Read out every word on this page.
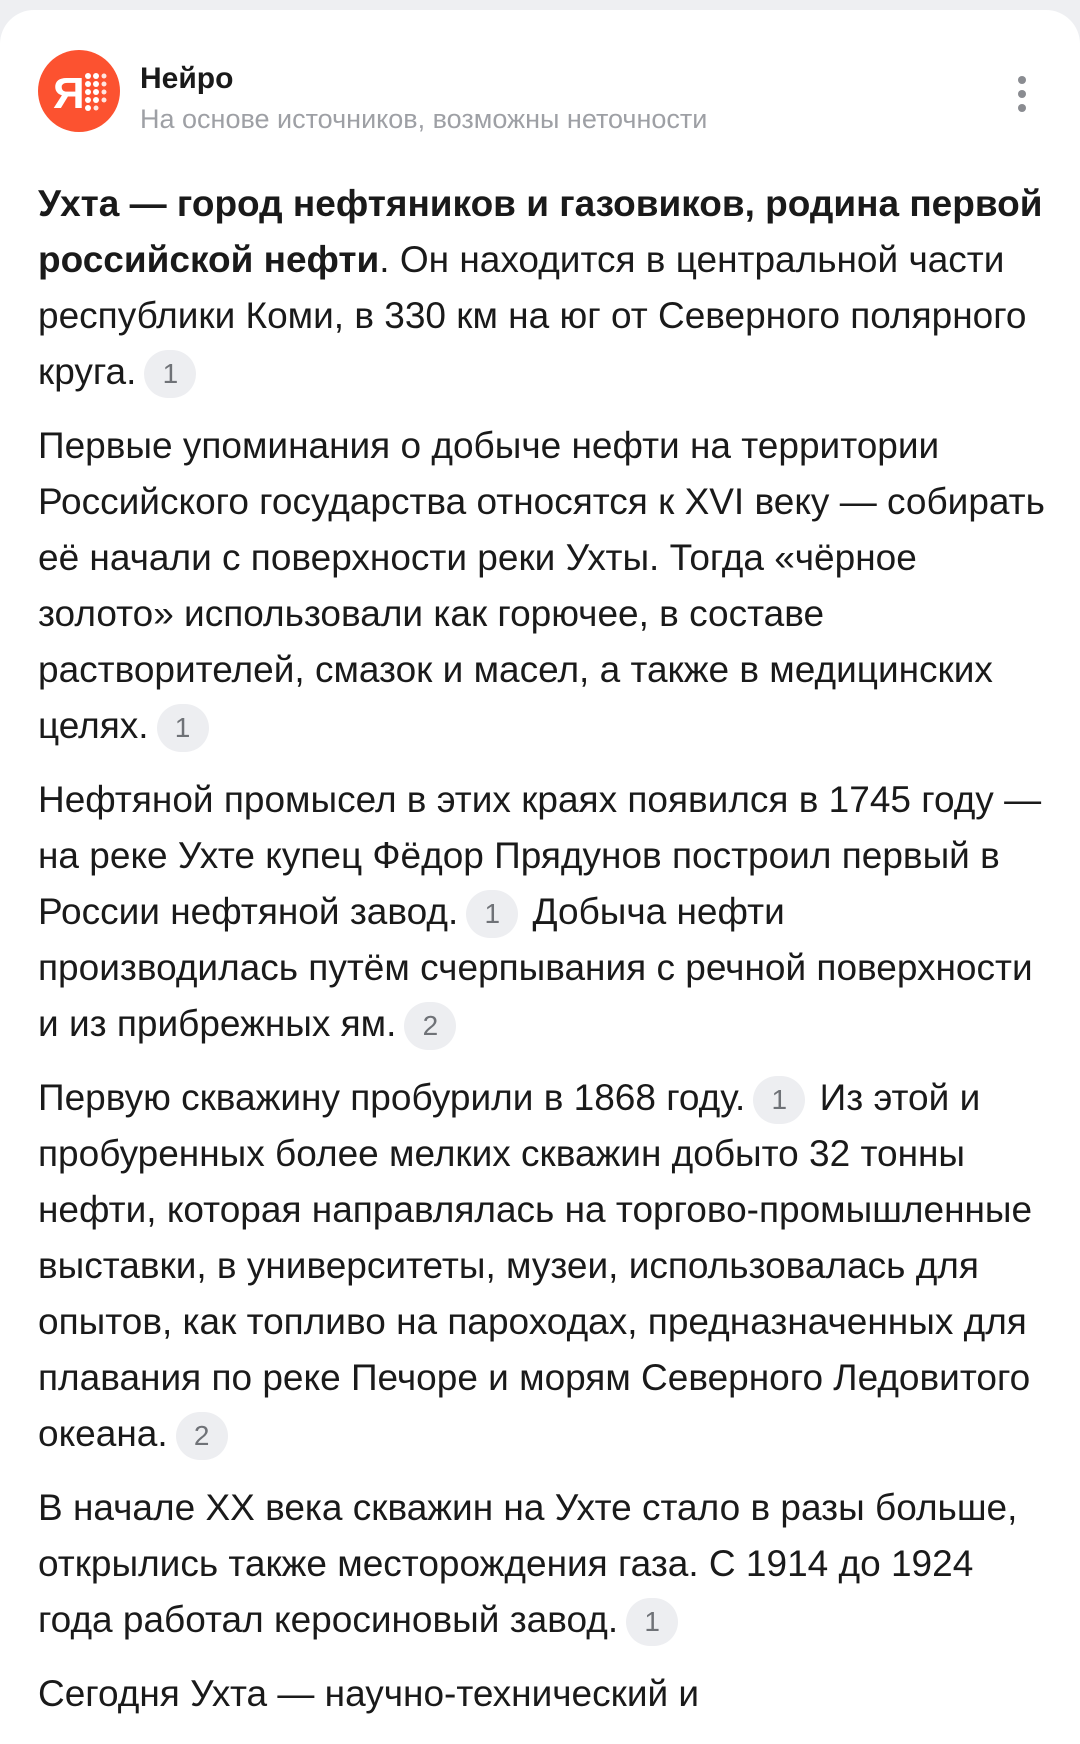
Я Нейро
На основе источников, возможны неточности

Ухта — город нефтяников и газовиков, родина первой российской нефти. Он находится в центральной части республики Коми, в 330 км на юг от Северного полярного круга. 1

Первые упоминания о добыче нефти на территории Российского государства относятся к XVI веку — собирать её начали с поверхности реки Ухты. Тогда «чёрное золото» использовали как горючее, в составе растворителей, смазок и масел, а также в медицинских целях. 1

Нефтяной промысел в этих краях появился в 1745 году — на реке Ухте купец Фёдор Прядунов построил первый в России нефтяной завод. 1 Добыча нефти производилась путём счерпывания с речной поверхности и из прибрежных ям. 2

Первую скважину пробурили в 1868 году. 1 Из этой и пробуренных более мелких скважин добыто 32 тонны нефти, которая направлялась на торгово-промышленные выставки, в университеты, музеи, использовалась для опытов, как топливо на пароходах, предназначенных для плавания по реке Печоре и морям Северного Ледовитого океана. 2

В начале XX века скважин на Ухте стало в разы больше, открылись также месторождения газа. С 1914 до 1924 года работал керосиновый завод. 1

Сегодня Ухта — научно-технический и
